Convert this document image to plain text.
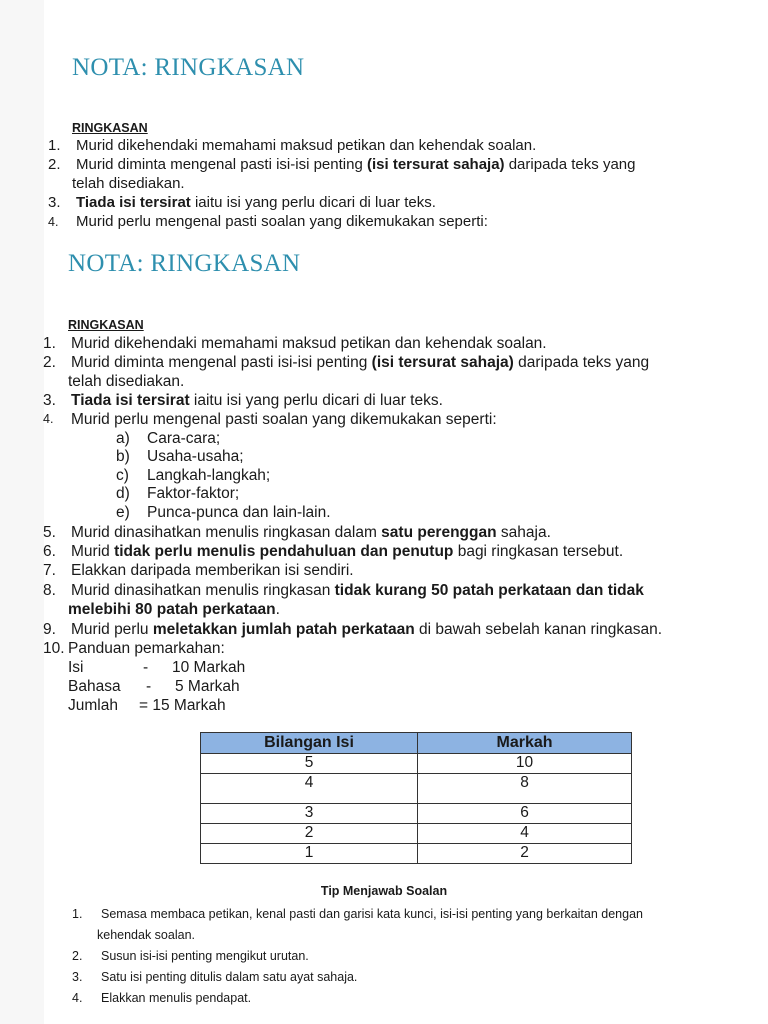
NOTA: RINGKASAN
RINGKASAN
1. Murid dikehendaki memahami maksud petikan dan kehendak soalan.
2. Murid diminta mengenal pasti isi-isi penting (isi tersurat sahaja) daripada teks yang
telah disediakan.
3. Tiada isi tersirat iaitu isi yang perlu dicari di luar teks.
4. Murid perlu mengenal pasti soalan yang dikemukakan seperti:
NOTA: RINGKASAN
RINGKASAN
1. Murid dikehendaki memahami maksud petikan dan kehendak soalan.
2. Murid diminta mengenal pasti isi-isi penting (isi tersurat sahaja) daripada teks yang
telah disediakan.
3. Tiada isi tersirat iaitu isi yang perlu dicari di luar teks.
4. Murid perlu mengenal pasti soalan yang dikemukakan seperti:
a) Cara-cara;
b) Usaha-usaha;
c) Langkah-langkah;
d) Faktor-faktor;
e) Punca-punca dan lain-lain.
5. Murid dinasihatkan menulis ringkasan dalam satu perenggan sahaja.
6. Murid tidak perlu menulis pendahuluan dan penutup bagi ringkasan tersebut.
7. Elakkan daripada memberikan isi sendiri.
8. Murid dinasihatkan menulis ringkasan tidak kurang 50 patah perkataan dan tidak
melebihi 80 patah perkataan.
9. Murid perlu meletakkan jumlah patah perkataan di bawah sebelah kanan ringkasan.
10. Panduan pemarkahan:
Isi	- 10 Markah
Bahasa - 5 Markah
Jumlah = 15 Markah
Bilangan Isi	Markah
5	10
4	8
3	6
2	4
1	2
Tip Menjawab Soalan
1. Semasa membaca petikan, kenal pasti dan garisi kata kunci, isi-isi penting yang berkaitan dengan
kehendak soalan.
2. Susun isi-isi penting mengikut urutan.
3. Satu isi penting ditulis dalam satu ayat sahaja.
4. Elakkan menulis pendapat.
